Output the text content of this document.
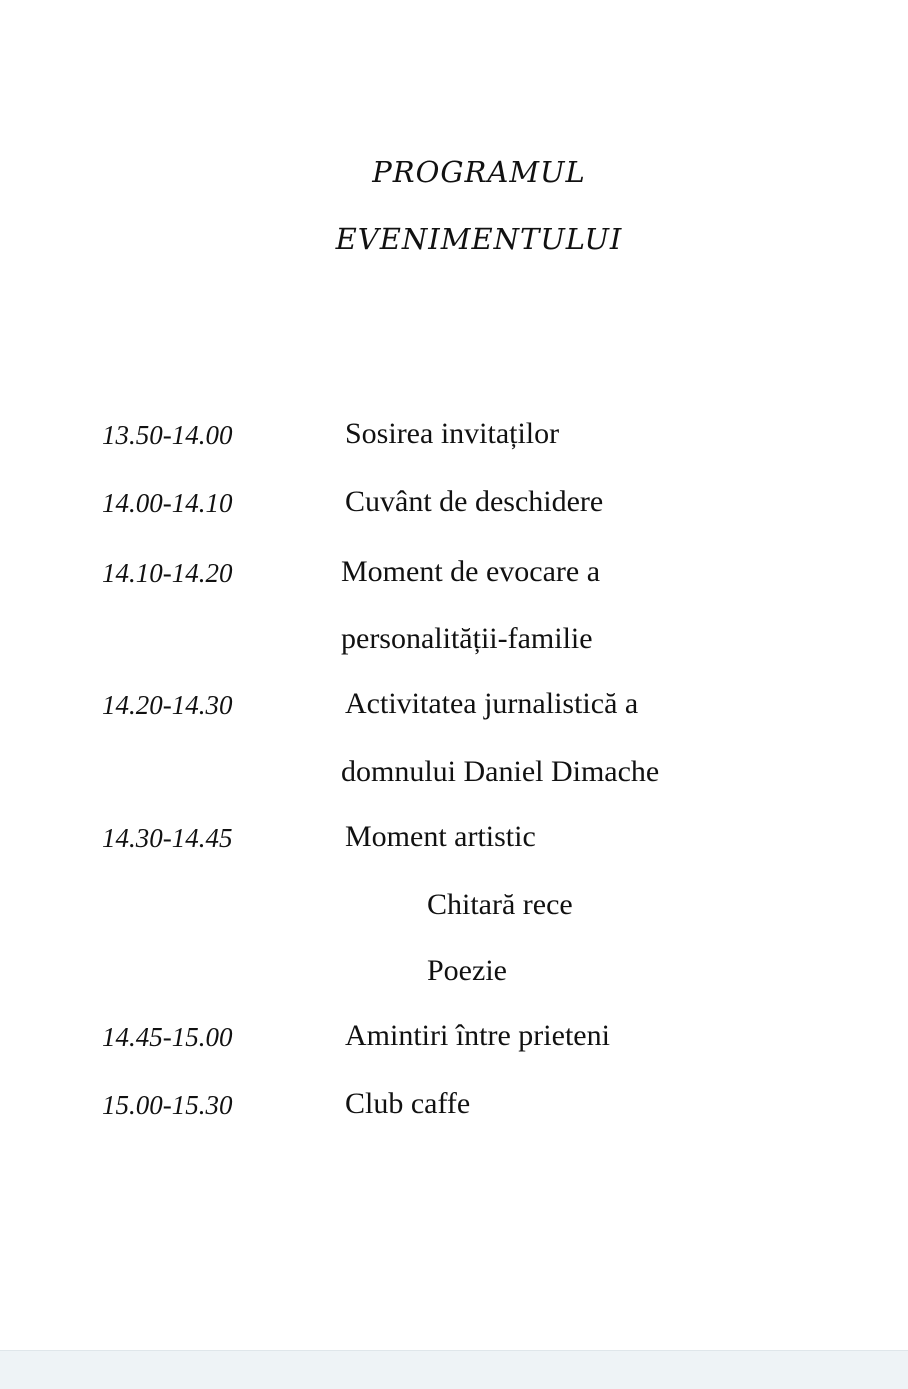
PROGRAMUL
EVENIMENTULUI
13.50-14.00	Sosirea invitaților
14.00-14.10	Cuvânt de deschidere
14.10-14.20	Moment de evocare a
personalității-familie
14.20-14.30	Activitatea jurnalistică a
domnului Daniel Dimache
14.30-14.45	Moment artistic
Chitară rece
Poezie
14.45-15.00	Amintiri între prieteni
15.00-15.30	Club caffe
